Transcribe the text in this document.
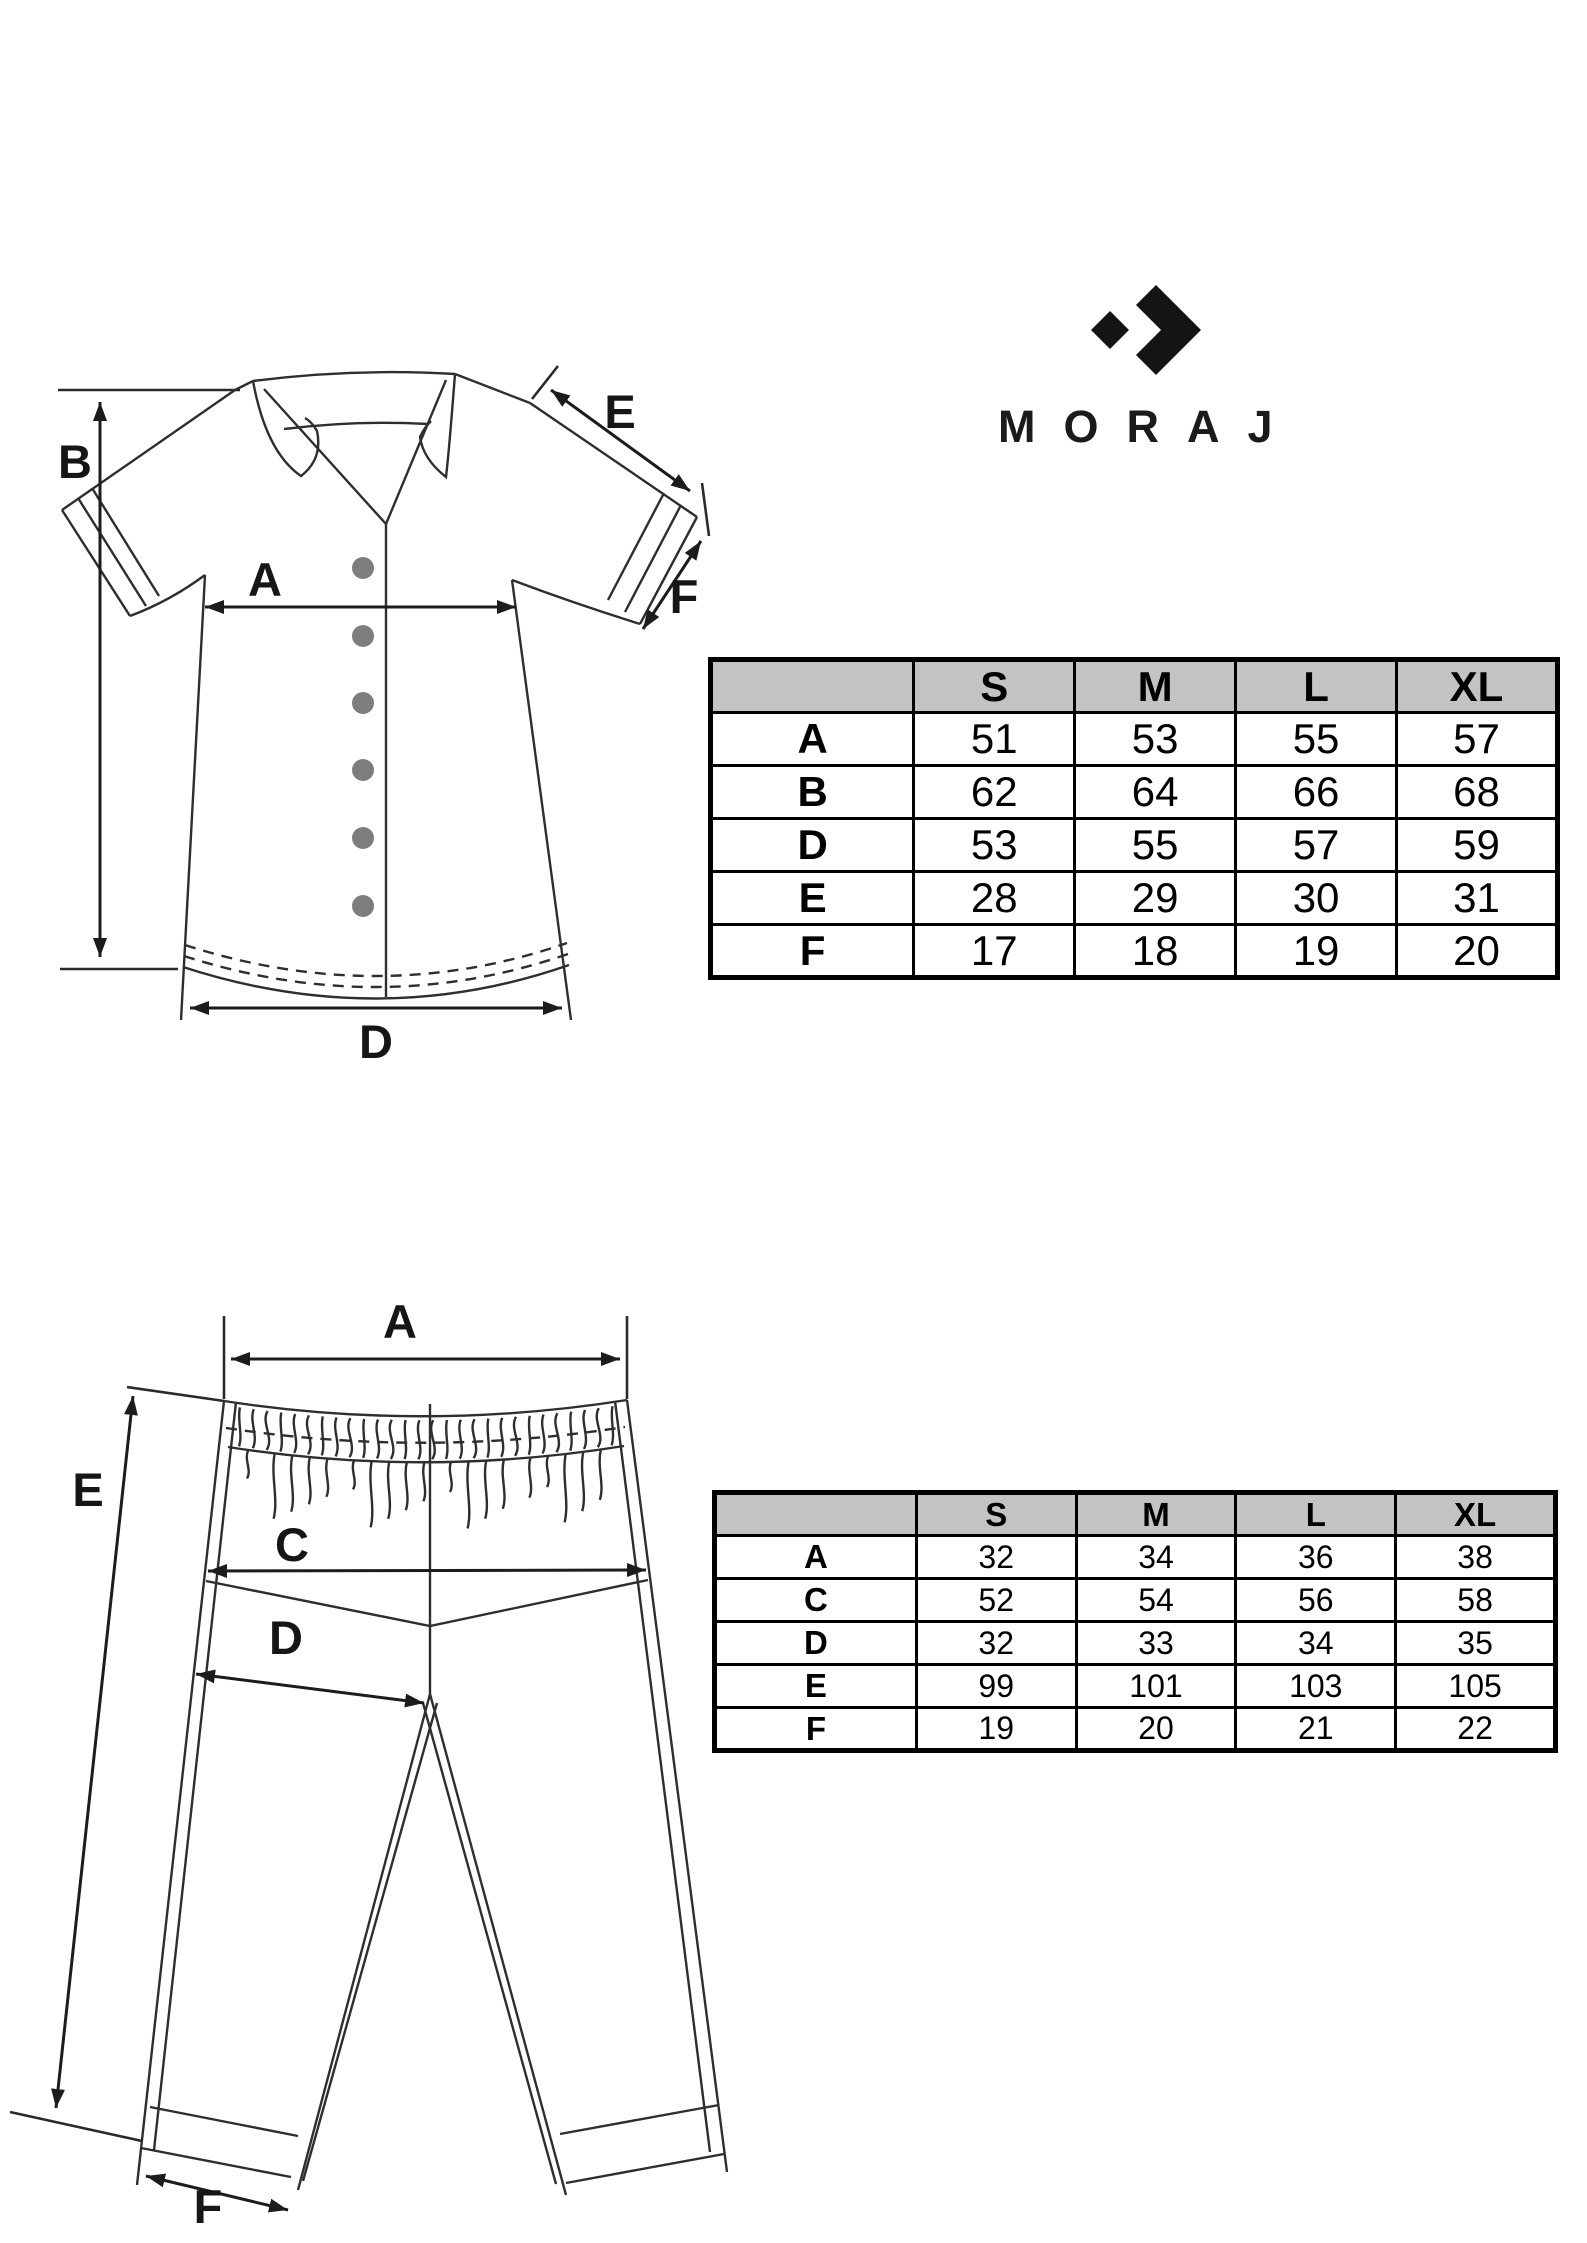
B
A
D
E
F
A
E
C
D
F
MORAJ
	S	M	L	XL
A	51	53	55	57
B	62	64	66	68
D	53	55	57	59
E	28	29	30	31
F	17	18	19	20
	S	M	L	XL
A	32	34	36	38
C	52	54	56	58
D	32	33	34	35
E	99	101	103	105
F	19	20	21	22
